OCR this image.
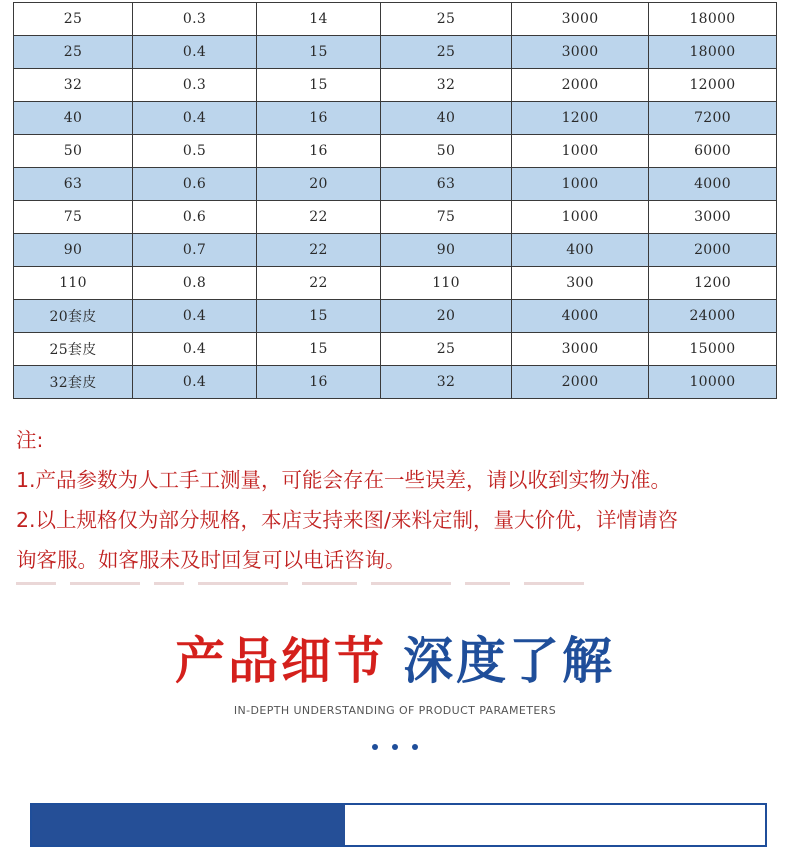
25	0.3	14	25	3000	18000
25	0.4	15	25	3000	18000
32	0.3	15	32	2000	12000
40	0.4	16	40	1200	7200
50	0.5	16	50	1000	6000
63	0.6	20	63	1000	4000
75	0.6	22	75	1000	3000
90	0.7	22	90	400	2000
110	0.8	22	110	300	1200
20套皮	0.4	15	20	4000	24000
25套皮	0.4	15	25	3000	15000
32套皮	0.4	16	32	2000	10000
注:
1.产品参数为人工手工测量，可能会存在一些误差，请以收到实物为准。
2.以上规格仅为部分规格，本店支持来图/来料定制，量大价优，详情请咨
询客服。如客服未及时回复可以电话咨询。
产品细节 深度了解
IN-DEPTH UNDERSTANDING OF PRODUCT PARAMETERS
